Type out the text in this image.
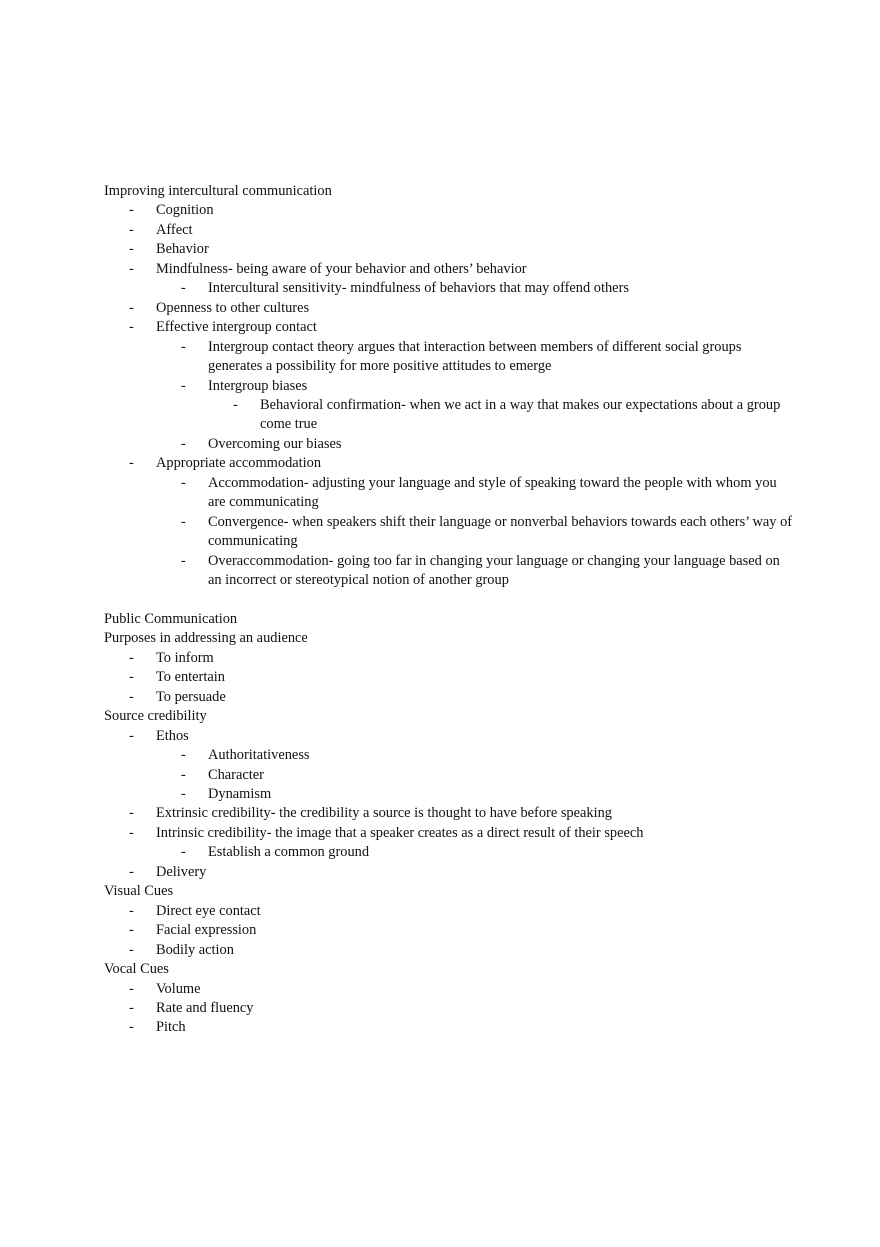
Improving intercultural communication
-	Cognition
-	Affect
-	Behavior
-	Mindfulness- being aware of your behavior and others’ behavior
-	Intercultural sensitivity- mindfulness of behaviors that may offend others
-	Openness to other cultures
-	Effective intergroup contact
-	Intergroup contact theory argues that interaction between members of different social groups generates a possibility for more positive attitudes to emerge
-	Intergroup biases
-	Behavioral confirmation- when we act in a way that makes our expectations about a group come true
-	Overcoming our biases
-	Appropriate accommodation
-	Accommodation- adjusting your language and style of speaking toward the people with whom you are communicating
-	Convergence- when speakers shift their language or nonverbal behaviors towards each others’ way of communicating
-	Overaccommodation- going too far in changing your language or changing your language based on an incorrect or stereotypical notion of another group
Public Communication
Purposes in addressing an audience
-	To inform
-	To entertain
-	To persuade
Source credibility
-	Ethos
-	Authoritativeness
-	Character
-	Dynamism
-	Extrinsic credibility- the credibility a source is thought to have before speaking
-	Intrinsic credibility- the image that a speaker creates as a direct result of their speech
-	Establish a common ground
-	Delivery
Visual Cues
-	Direct eye contact
-	Facial expression
-	Bodily action
Vocal Cues
-	Volume
-	Rate and fluency
-	Pitch
